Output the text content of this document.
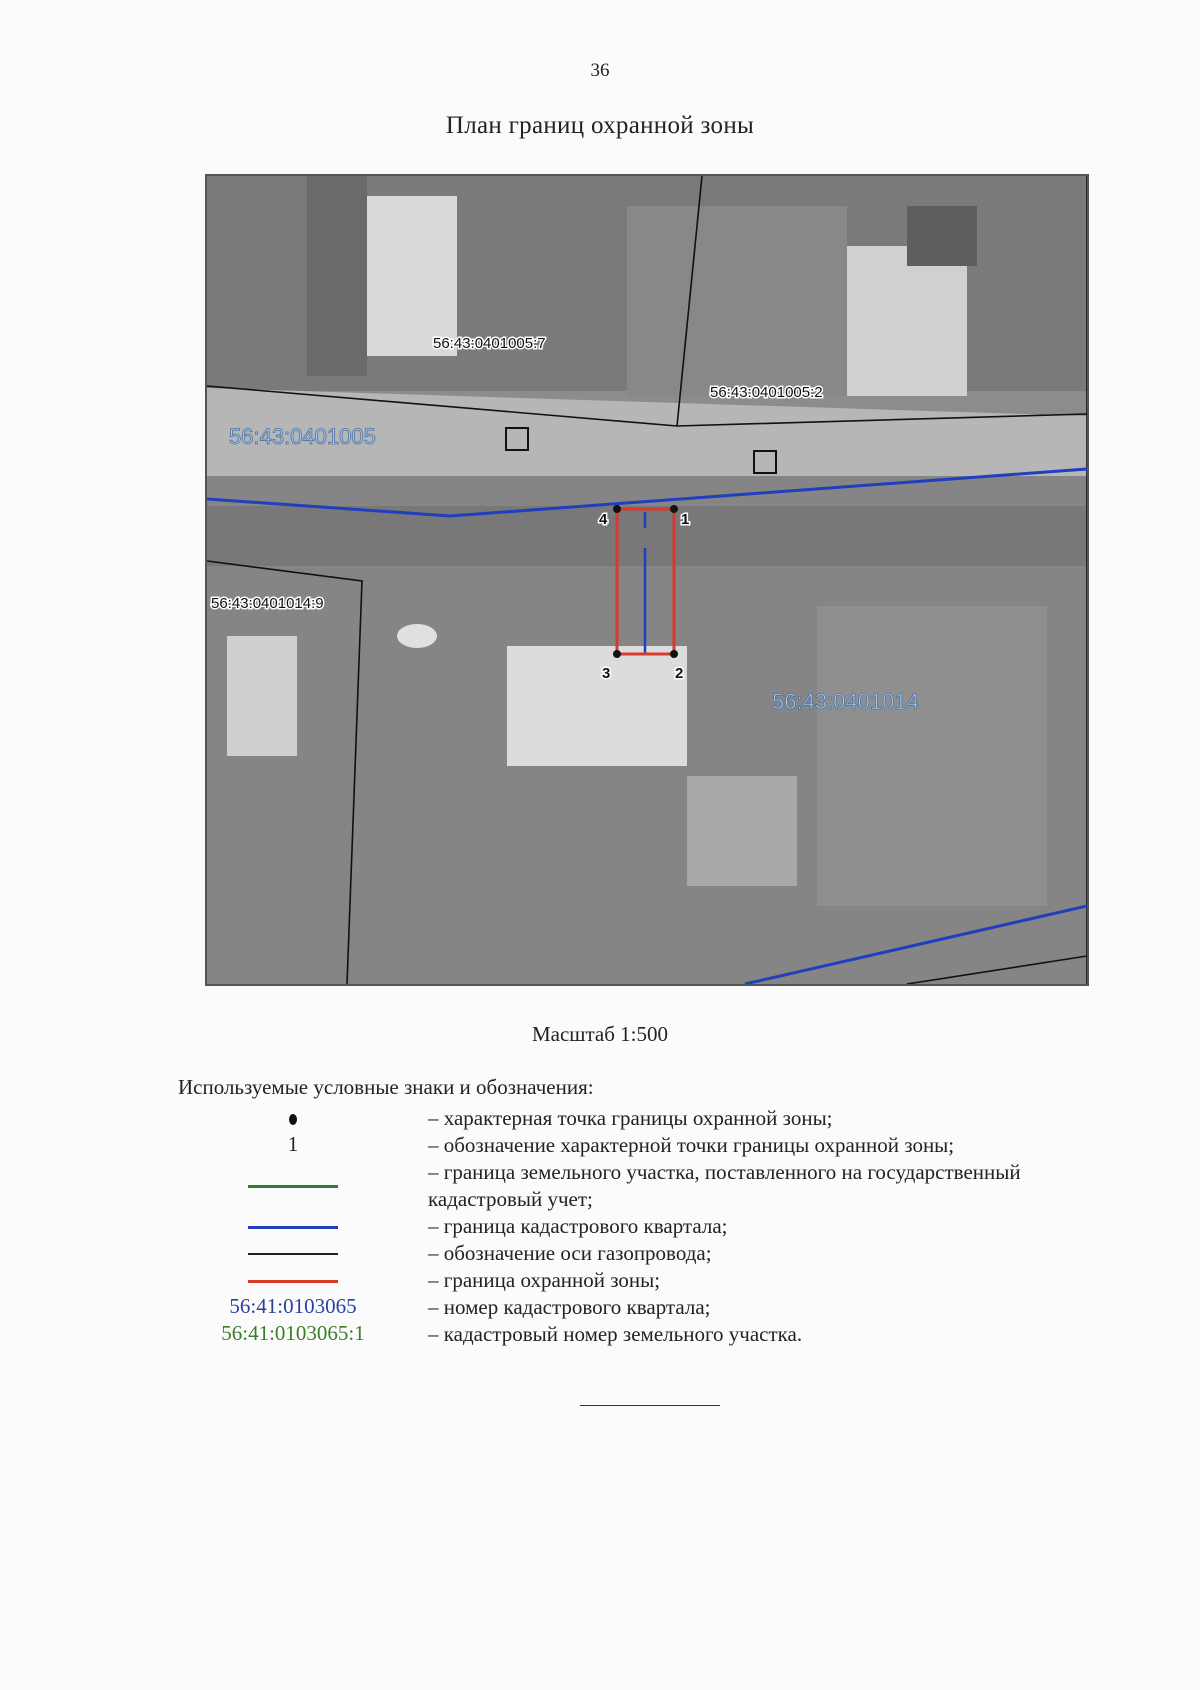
36
План границ охранной зоны
1
2
3
4
56:43:0401005:7
56:43:0401005:2
56:43:0401014:9
56:43:0401005
56:43:0401014
Масштаб 1:500
Используемые условные знаки и обозначения:
– характерная точка границы охранной зоны;
1	– обозначение характерной точки границы охранной зоны;
– граница земельного участка, поставленного на государственный кадастровый учет;
– граница кадастрового квартала;
– обозначение оси газопровода;
– граница охранной зоны;
56:41:0103065	– номер кадастрового квартала;
56:41:0103065:1	– кадастровый номер земельного участка.
